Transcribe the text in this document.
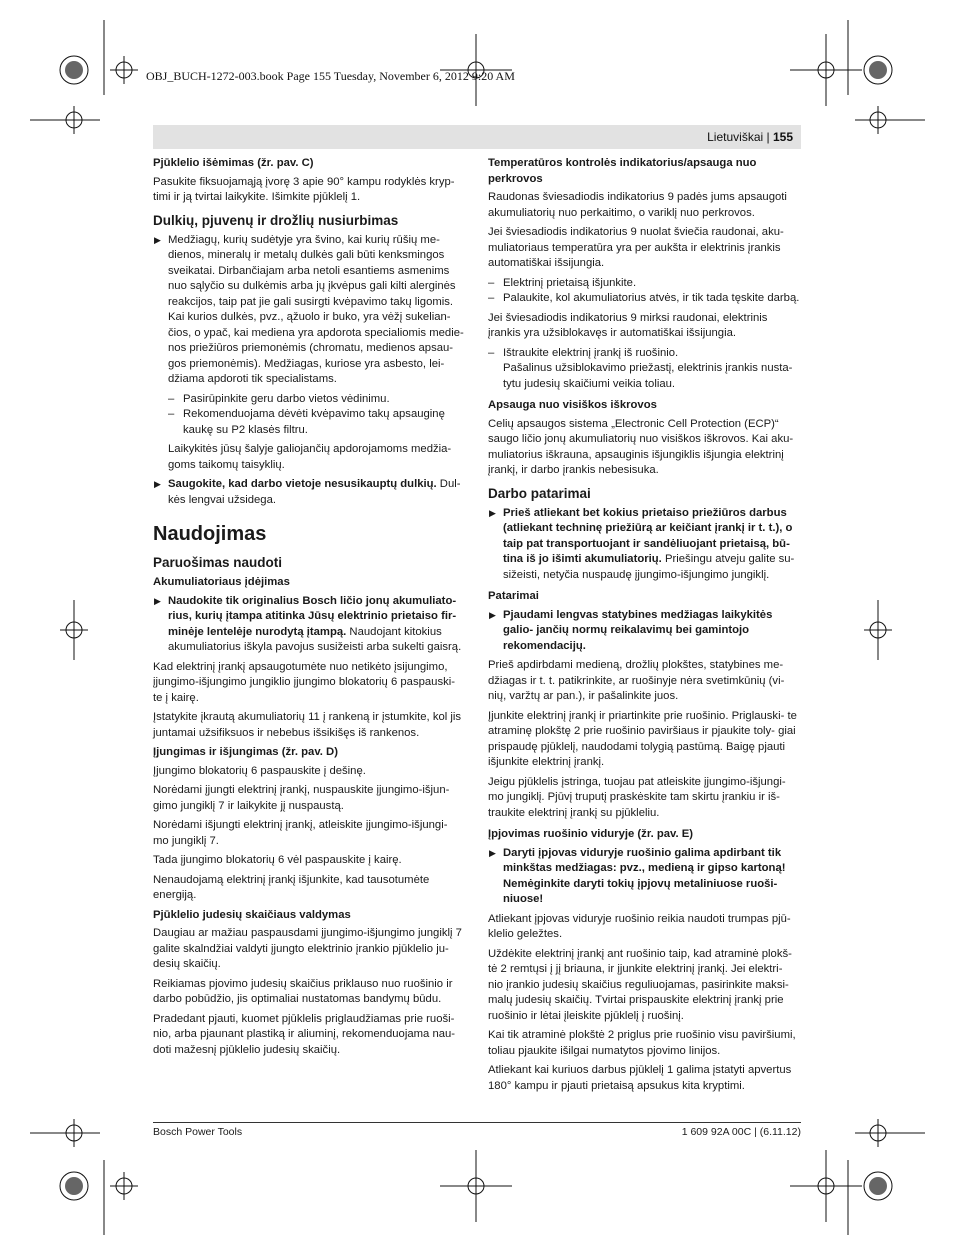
OBJ_BUCH-1272-003.book Page 155 Tuesday, November 6, 2012 9:20 AM
Lietuviškai | 155
Pjūklelio išėmimas (žr. pav. C)

Pasukite fiksuojamąją įvorę 3 apie 90° kampu rodyklės kryp- timi ir ją tvirtai laikykite. Išimkite pjūklelį 1.

Dulkių, pjuvenų ir drožlių nusiurbimas
▶ Medžiagų, kurių sudėtyje yra švino, kai kurių rūšių me- dienos, mineralų ir metalų dulkės gali būti kenksmingos sveikatai. Dirbančiajam arba netoli esantiems asmenims nuo sąlyčio su dulkėmis arba jų įkvėpus gali kilti alerginės reakcijos, taip pat jie gali susirgti kvėpavimo takų ligomis. Kai kurios dulkės, pvz., ąžuolo ir buko, yra vėžį sukelian- čios, o ypač, kai mediena yra apdorota specialiomis medie- nos priežiūros priemonėmis (chromatu, medienos apsau- gos priemonėmis). Medžiagas, kuriose yra asbesto, lei- džiama apdoroti tik specialistams.
– Pasirūpinkite geru darbo vietos vėdinimu.
– Rekomenduojama dėvėti kvėpavimo takų apsauginę kaukę su P2 klasės filtru.

Laikykitės jūsų šalyje galiojančių apdorojamoms medžia- goms taikomų taisyklių.

▶ Saugokite, kad darbo vietoje nesusikauptų dulkių. Dul- kės lengvai užsidega.
Naudojimas
Paruošimas naudoti
Akumuliatoriaus įdėjimas
▶ Naudokite tik originalius Bosch ličio jonų akumuliato- rius, kurių įtampa atitinka Jūsų elektrinio prietaiso fir- minėje lentelėje nurodytą įtampą. Naudojant kitokius akumuliatorius iškyla pavojus susižeisti arba sukelti gaisrą.

Kad elektrinį įrankį apsaugotumėte nuo netikėto įsijungimo, įjungimo-išjungimo jungiklio įjungimo blokatorių 6 paspauski- te į kairę.

Įstatykite įkrautą akumuliatorių 11 į rankeną ir įstumkite, kol jis juntamai užsifiksuos ir nebebus išsikišęs iš rankenos.

Įjungimas ir išjungimas (žr. pav. D)

Įjungimo blokatorių 6 paspauskite į dešinę.

Norėdami įjungti elektrinį įrankį, nuspauskite įjungimo-išjun- gimo jungiklį 7 ir laikykite jį nuspaustą.

Norėdami išjungti elektrinį įrankį, atleiskite įjungimo-išjungi- mo jungiklį 7.

Tada įjungimo blokatorių 6 vėl paspauskite į kairę.

Nenaudojamą elektrinį įrankį išjunkite, kad tausotumėte energiją.

Pjūklelio judesių skaičiaus valdymas

Daugiau ar mažiau paspausdami įjungimo-išjungimo jungiklį 7 galite skalndžiai valdyti įjungto elektrinio įrankio pjūklelio ju- desių skaičių.

Reikiamas pjovimo judesių skaičius priklauso nuo ruošinio ir darbo pobūdžio, jis optimaliai nustatomas bandymų būdu.

Pradedant pjauti, kuomet pjūklelis priglaudžiamas prie ruoši- nio, arba pjaunant plastiką ir aliuminį, rekomenduojama nau- doti mažesnį pjūklelio judesių skaičių.

Temperatūros kontrolės indikatorius/apsauga nuo perkrovos

Raudonas šviesadiodis indikatorius 9 padės jums apsaugoti akumuliatorių nuo perkaitimo, o variklį nuo perkrovos.

Jei šviesadiodis indikatorius 9 nuolat šviečia raudonai, aku- muliatoriaus temperatūra yra per aukšta ir elektrinis įrankis automatiškai išsijungia.

– Elektrinį prietaisą išjunkite.
– Palaukite, kol akumuliatorius atvės, ir tik tada tęskite darbą.

Jei šviesadiodis indikatorius 9 mirksi raudonai, elektrinis įrankis yra užsiblokavęs ir automatiškai išsijungia.

– Ištraukite elektrinį įrankį iš ruošinio.

Pašalinus užsiblokavimo priežastį, elektrinis įrankis nusta- tytu judesių skaičiumi veikia toliau.

Apsauga nuo visiškos iškrovos

Celių apsaugos sistema „Electronic Cell Protection (ECP)“ saugo ličio jonų akumuliatorių nuo visiškos iškrovos. Kai aku- muliatorius iškrauna, apsauginis išjungiklis išjungia elektrinį įrankį, ir darbo įrankis nebesisuka.

Darbo patarimai
▶ Prieš atliekant bet kokius prietaiso priežiūros darbus (atliekant techninę priežiūrą ar keičiant įrankį ir t. t.), o taip pat transportuojant ir sandėliuojant prietaisą, bū- tina iš jo išimti akumuliatorių. Priešingu atveju galite su- sižeisti, netyčia nuspaudę įjungimo-išjungimo jungiklį.
Patarimai
▶ Pjaudami lengvas statybines medžiagas laikykitės galio- jančių normų reikalavimų bei gamintojo rekomendacijų.

Prieš apdirbdami medieną, drožlių plokštes, statybines me- džiagas ir t. t. patikrinkite, ar ruošinyje nėra svetimkūnių (vi- nių, varžtų ar pan.), ir pašalinkite juos.

Įjunkite elektrinį įrankį ir priartinkite prie ruošinio. Priglauski- te atraminę plokštę 2 prie ruošinio paviršiaus ir pjaukite toly- giai prispaudę pjūklelį, naudodami tolygią pastūmą. Baigę pjauti išjunkite elektrinį įrankį.

Jeigu pjūklelis įstringa, tuojau pat atleiskite įjungimo-išjungi- mo jungiklį. Pjūvį truputį praskėskite tam skirtu įrankiu ir iš- traukite elektrinį įrankį su pjūkleliu.

Įpjovimas ruošinio viduryje (žr. pav. E)
▶ Daryti įpjovas viduryje ruošinio galima apdirbant tik minkštas medžiagas: pvz., medieną ir gipso kartoną! Nemėginkite daryti tokių įpjovų metaliniuose ruoši- niuose!

Atliekant įpjovas viduryje ruošinio reikia naudoti trumpas pjū- klelio geležtes.

Uždėkite elektrinį įrankį ant ruošinio taip, kad atraminė plokš- tė 2 remtųsi į jį briauna, ir įjunkite elektrinį įrankį. Jei elektri- nio įrankio judesių skaičius reguliuojamas, pasirinkite maksi- malų judesių skaičių. Tvirtai prispauskite elektrinį įrankį prie ruošinio ir lėtai įleiskite pjūklelį į ruošinį.

Kai tik atraminė plokštė 2 priglus prie ruošinio visu paviršiumi, toliau pjaukite išilgai numatytos pjovimo linijos.

Atliekant kai kuriuos darbus pjūklelį 1 galima įstatyti apvertus 180° kampu ir pjauti prietaisą apsukus kita kryptimi.

Bosch Power Tools	1 609 92A 00C | (6.11.12)
